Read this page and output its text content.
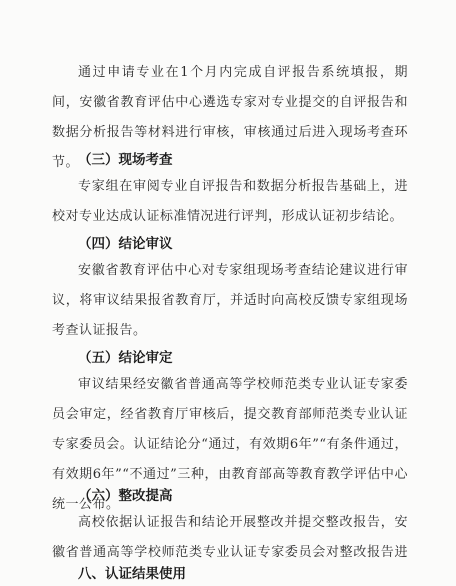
通过申请专业在1个月内完成自评报告系统填报，期间，安徽省教育评估中心遴选专家对专业提交的自评报告和数据分析报告等材料进行审核，审核通过后进入现场考查环节。

（三）现场考查

专家组在审阅专业自评报告和数据分析报告基础上，进校对专业达成认证标准情况进行评判，形成认证初步结论。

（四）结论审议

安徽省教育评估中心对专家组现场考查结论建议进行审议，将审议结果报省教育厅，并适时向高校反馈专家组现场考查认证报告。

（五）结论审定

审议结果经安徽省普通高等学校师范类专业认证专家委员会审定，经省教育厅审核后，提交教育部师范类专业认证专家委员会。认证结论分“通过，有效期6年”“有条件通过，有效期6年”“不通过”三种，由教育部高等教育教学评估中心统一公布。

（六）整改提高

高校依据认证报告和结论开展整改并提交整改报告，安徽省普通高等学校师范类专业认证专家委员会对整改报告进

八、认证结果使用
